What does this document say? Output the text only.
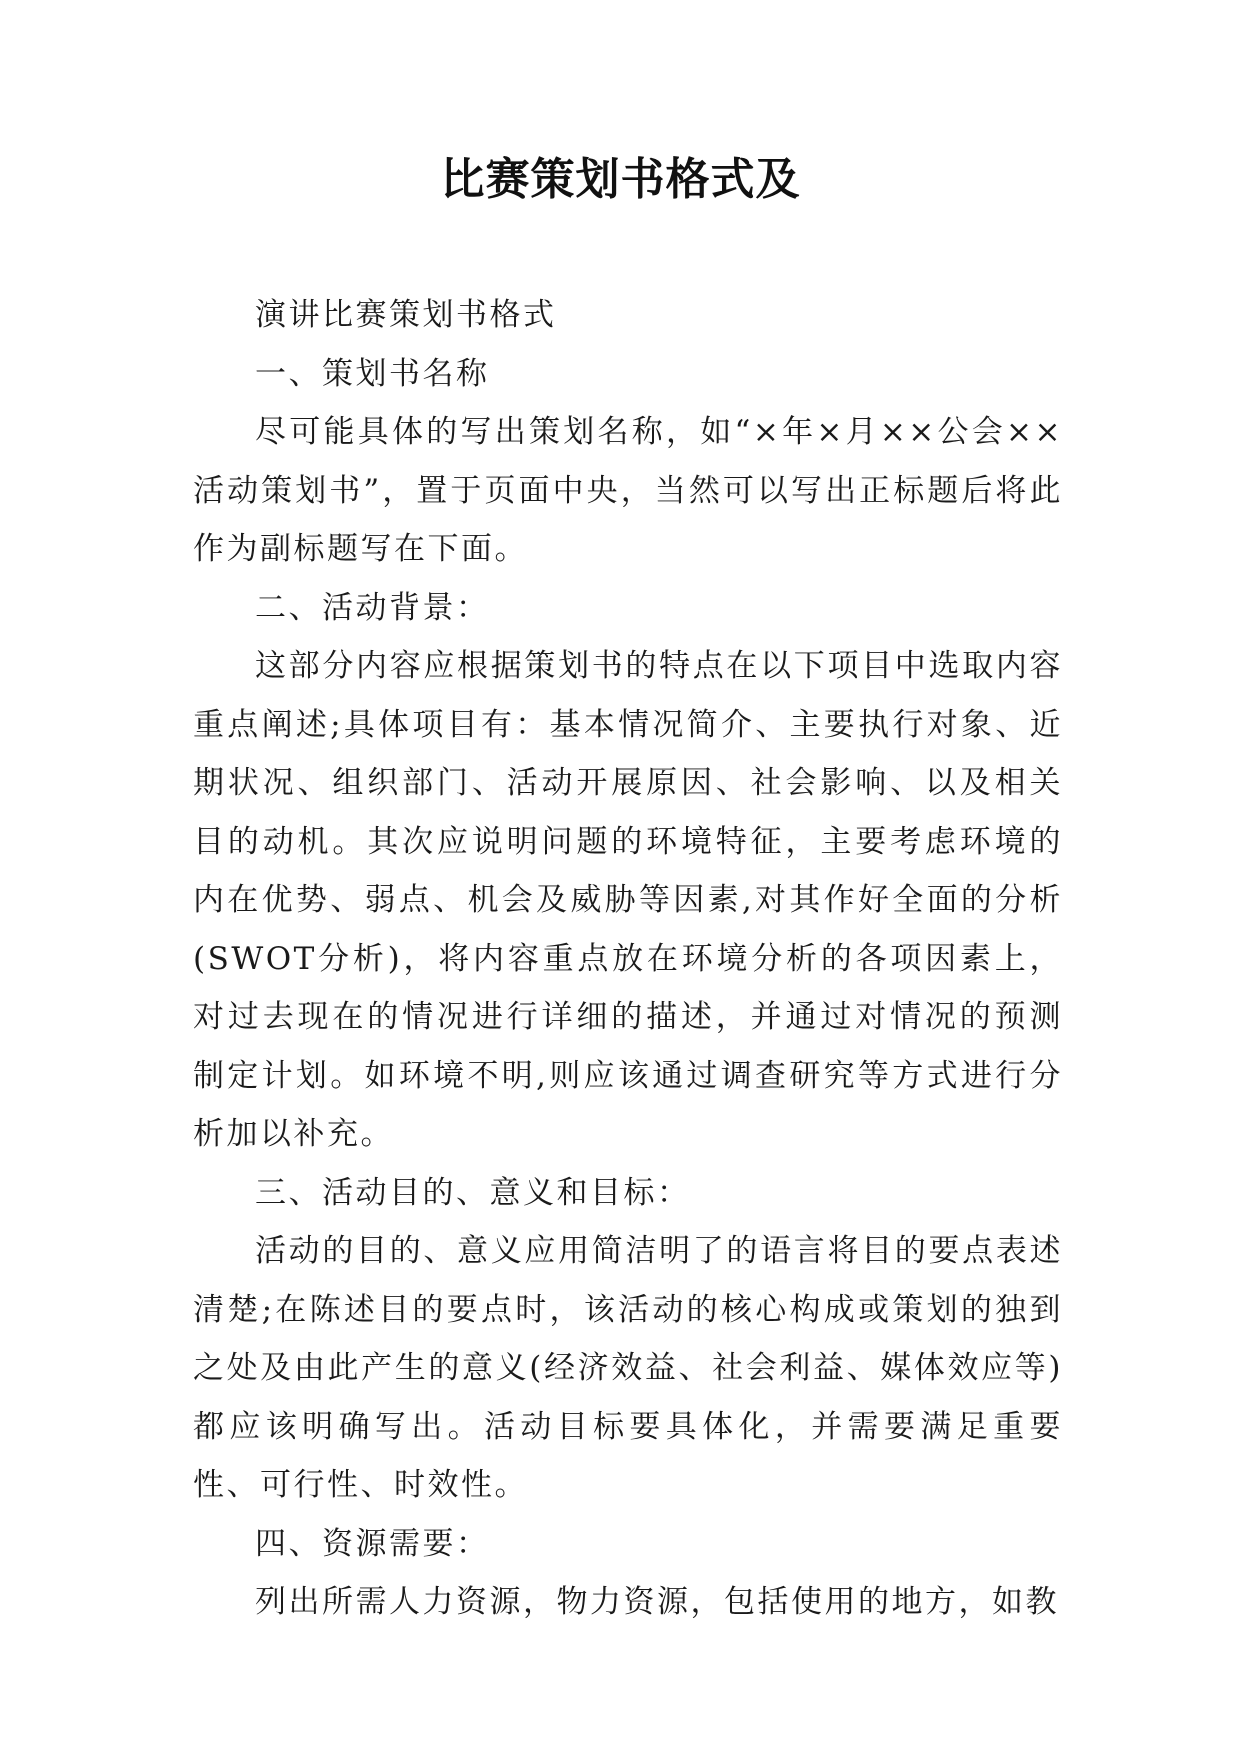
比赛策划书格式及

演讲比赛策划书格式

一、策划书名称

尽可能具体的写出策划名称，如“×年×月××公会××活动策划书”，置于页面中央，当然可以写出正标题后将此作为副标题写在下面。

二、活动背景：

这部分内容应根据策划书的特点在以下项目中选取内容重点阐述;具体项目有：基本情况简介、主要执行对象、近期状况、组织部门、活动开展原因、社会影响、以及相关目的动机。其次应说明问题的环境特征，主要考虑环境的内在优势、弱点、机会及威胁等因素,对其作好全面的分析(SWOT分析)，将内容重点放在环境分析的各项因素上，对过去现在的情况进行详细的描述，并通过对情况的预测制定计划。如环境不明,则应该通过调查研究等方式进行分析加以补充。

三、活动目的、意义和目标：

活动的目的、意义应用简洁明了的语言将目的要点表述清楚;在陈述目的要点时，该活动的核心构成或策划的独到之处及由此产生的意义(经济效益、社会利益、媒体效应等)都应该明确写出。活动目标要具体化，并需要满足重要性、可行性、时效性。

四、资源需要：

列出所需人力资源，物力资源，包括使用的地方，如教
